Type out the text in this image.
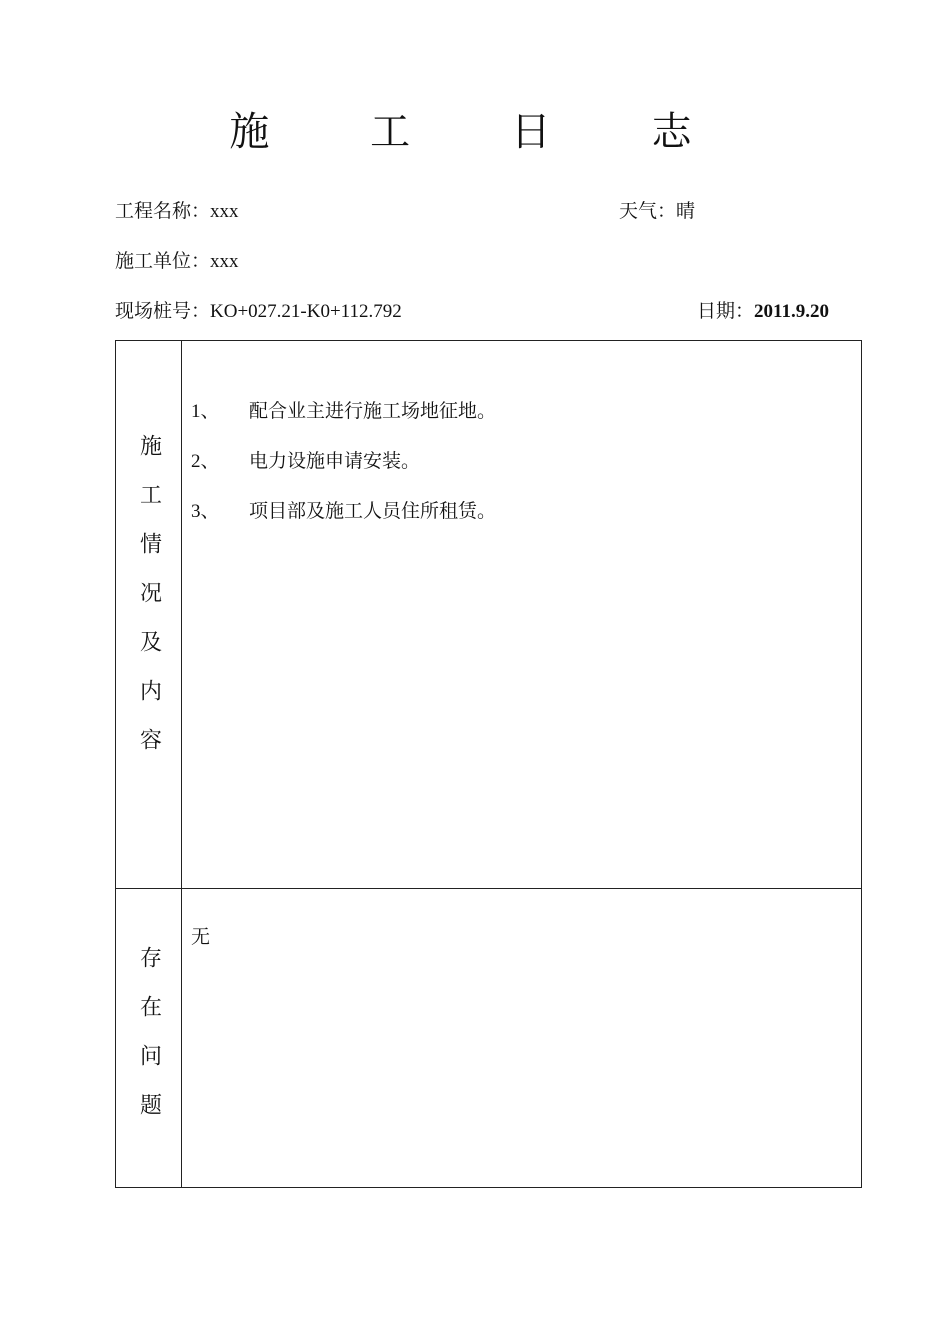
施 工 日 志
工程名称：xxx	天气：晴
施工单位：xxx
现场桩号：KO+027.21-K0+112.792	日期：2011.9.20
施工情况及内容
1、 配合业主进行施工场地征地。
2、 电力设施申请安装。
3、 项目部及施工人员住所租赁。
存在问题
无
